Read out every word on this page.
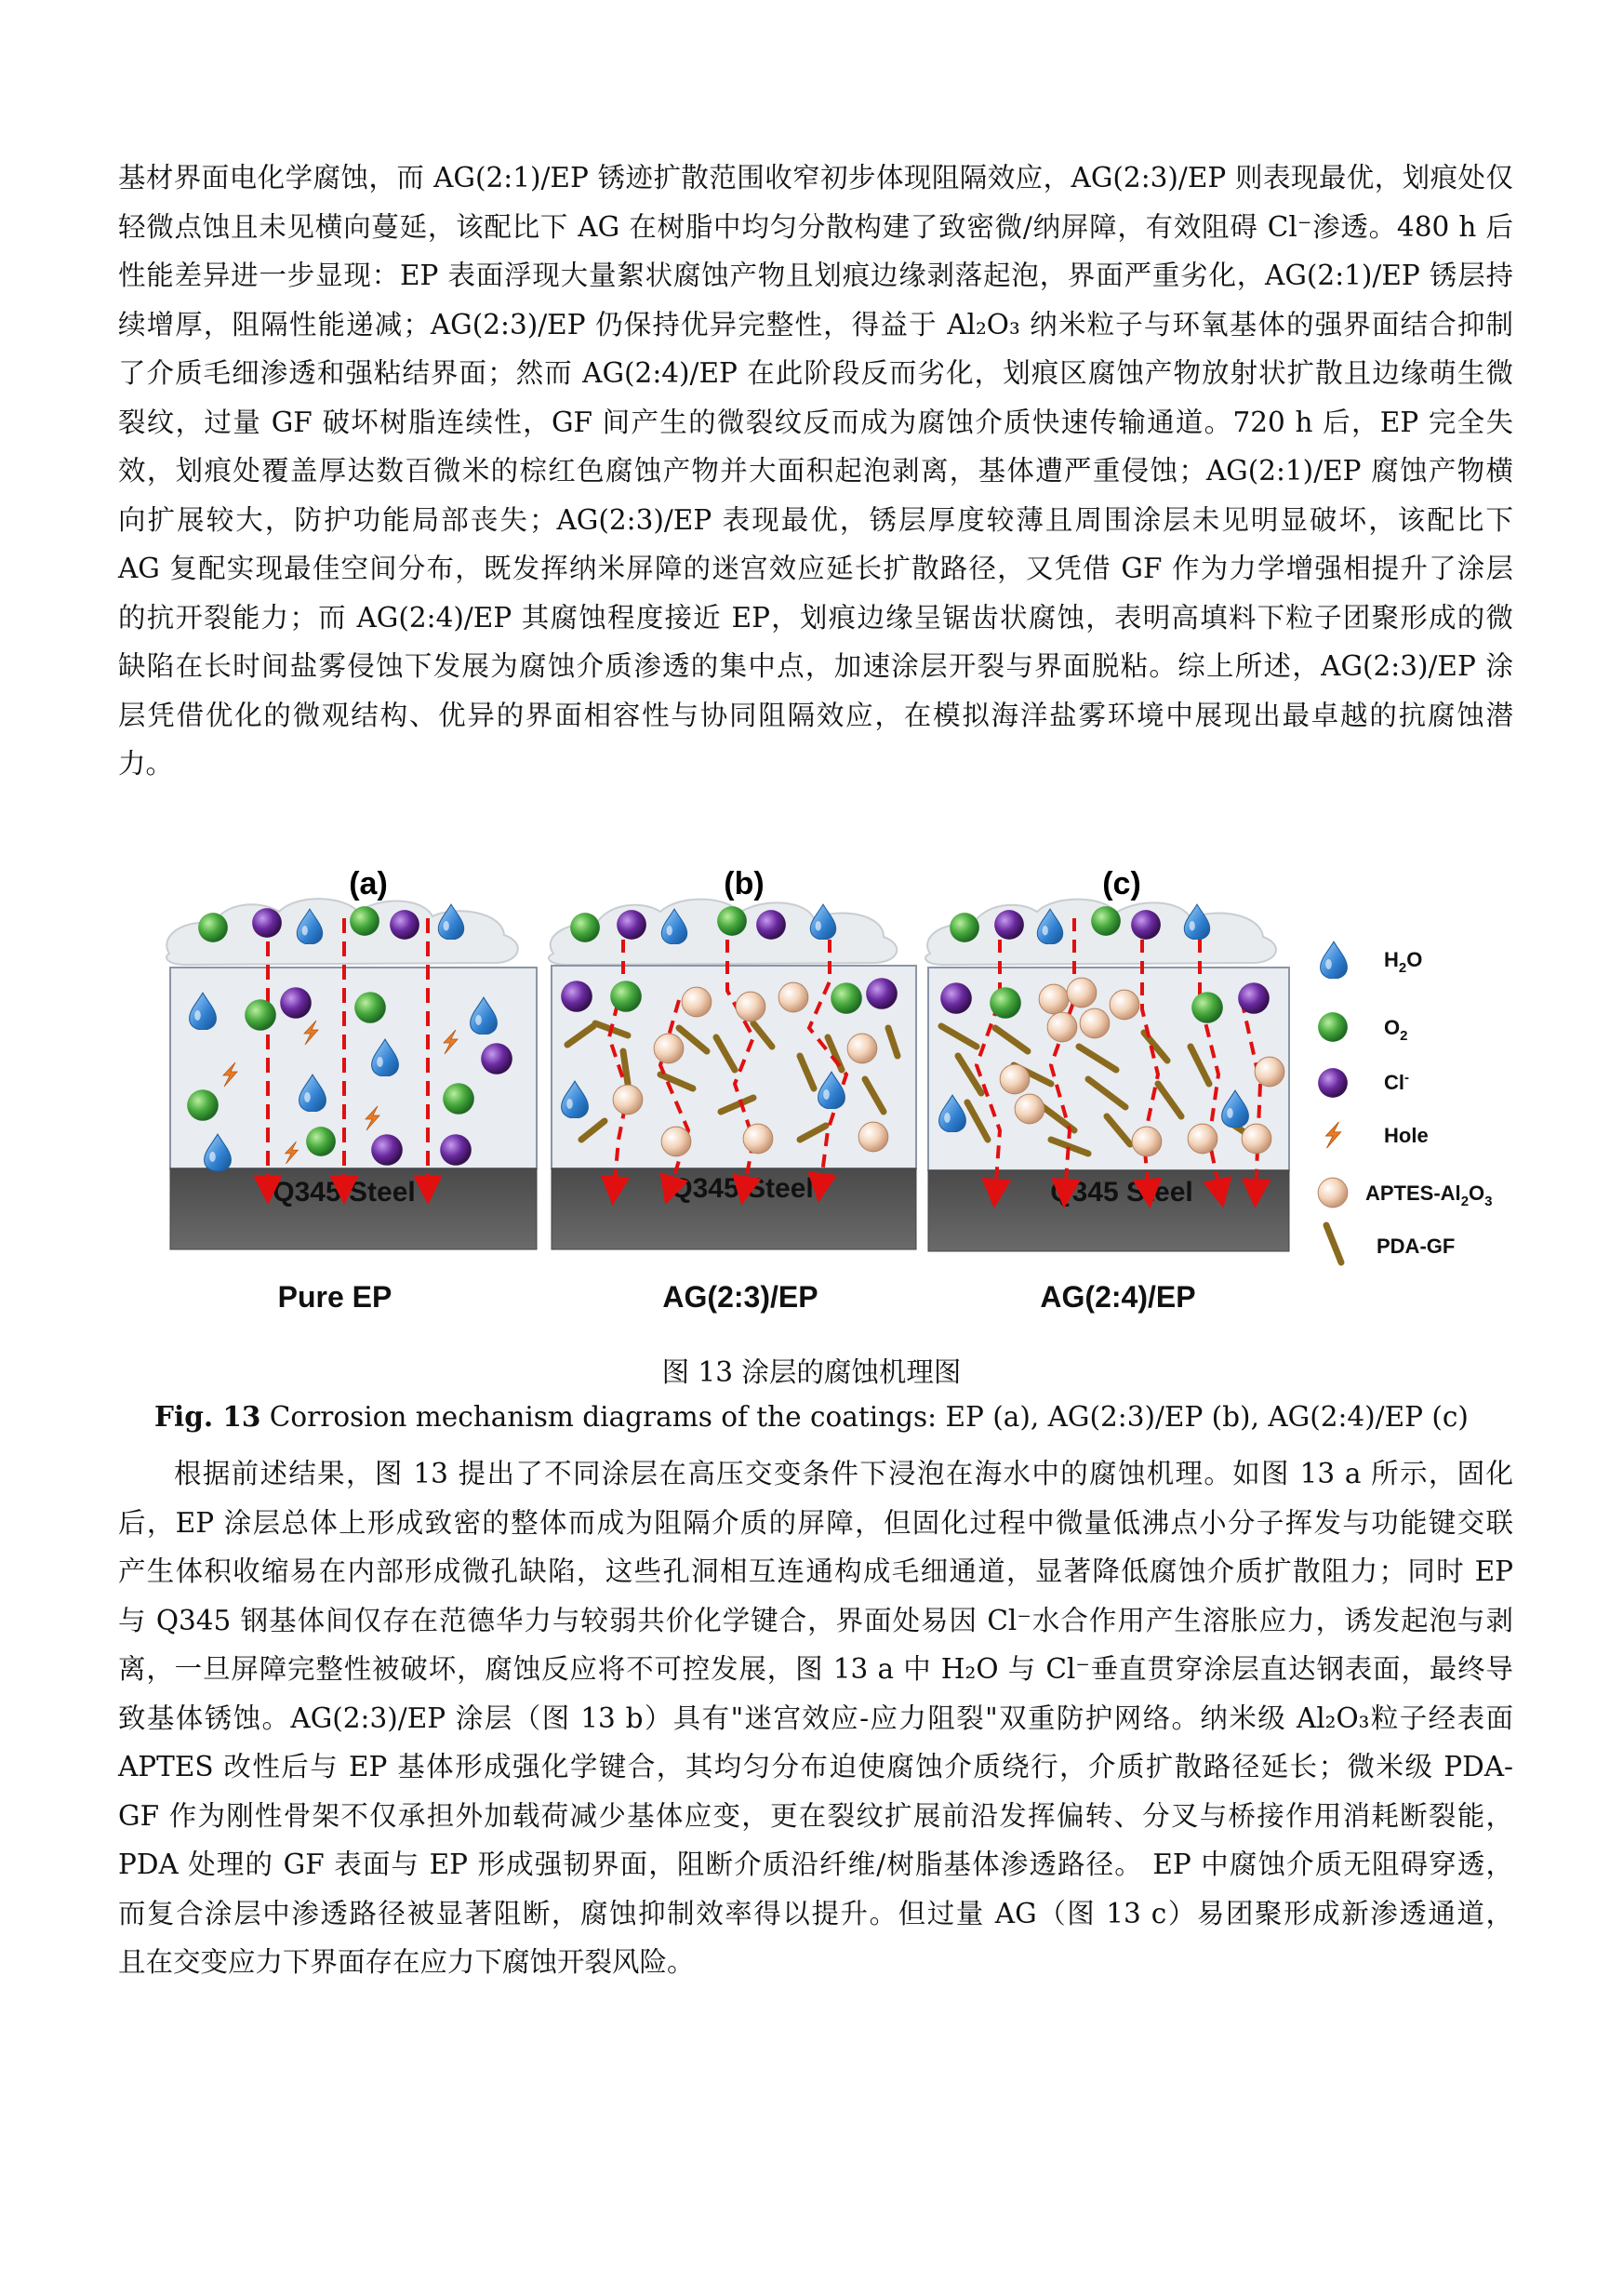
基材界面电化学腐蚀，而 AG(2:1)/EP 锈迹扩散范围收窄初步体现阻隔效应，AG(2:3)/EP 则表现最优，划痕处仅
轻微点蚀且未见横向蔓延，该配比下 AG 在树脂中均匀分散构建了致密微/纳屏障，有效阻碍 Cl⁻渗透。480 h 后
性能差异进一步显现：EP 表面浮现大量絮状腐蚀产物且划痕边缘剥落起泡，界面严重劣化，AG(2:1)/EP 锈层持
续增厚，阻隔性能递减；AG(2:3)/EP 仍保持优异完整性，得益于 Al₂O₃ 纳米粒子与环氧基体的强界面结合抑制
了介质毛细渗透和强粘结界面；然而 AG(2:4)/EP 在此阶段反而劣化，划痕区腐蚀产物放射状扩散且边缘萌生微
裂纹，过量 GF 破坏树脂连续性，GF 间产生的微裂纹反而成为腐蚀介质快速传输通道。720 h 后，EP 完全失
效，划痕处覆盖厚达数百微米的棕红色腐蚀产物并大面积起泡剥离，基体遭严重侵蚀；AG(2:1)/EP 腐蚀产物横
向扩展较大，防护功能局部丧失；AG(2:3)/EP 表现最优，锈层厚度较薄且周围涂层未见明显破坏，该配比下
AG 复配实现最佳空间分布，既发挥纳米屏障的迷宫效应延长扩散路径，又凭借 GF 作为力学增强相提升了涂层
的抗开裂能力；而 AG(2:4)/EP 其腐蚀程度接近 EP，划痕边缘呈锯齿状腐蚀，表明高填料下粒子团聚形成的微
缺陷在长时间盐雾侵蚀下发展为腐蚀介质渗透的集中点，加速涂层开裂与界面脱粘。综上所述，AG(2:3)/EP 涂
层凭借优化的微观结构、优异的界面相容性与协同阻隔效应，在模拟海洋盐雾环境中展现出最卓越的抗腐蚀潜
力。
(a)	(b)	(c)
Q345 Steel
Pure EP
Q345 Steel
AG(2:3)/EP
Q345 Steel
AG(2:4)/EP
$H_2O$
$O_2$
Cl-
Hole
APTES-$Al_2O_3$
PDA-GF
图 13 涂层的腐蚀机理图
Fig. 13 Corrosion mechanism diagrams of the coatings: EP (a), AG(2:3)/EP (b), AG(2:4)/EP (c)
根据前述结果，图 13 提出了不同涂层在高压交变条件下浸泡在海水中的腐蚀机理。如图 13 a 所示，固化
后，EP 涂层总体上形成致密的整体而成为阻隔介质的屏障，但固化过程中微量低沸点小分子挥发与功能键交联
产生体积收缩易在内部形成微孔缺陷，这些孔洞相互连通构成毛细通道，显著降低腐蚀介质扩散阻力；同时 EP
与 Q345 钢基体间仅存在范德华力与较弱共价化学键合，界面处易因 Cl⁻水合作用产生溶胀应力，诱发起泡与剥
离，一旦屏障完整性被破坏，腐蚀反应将不可控发展，图 13 a 中 H₂O 与 Cl⁻垂直贯穿涂层直达钢表面，最终导
致基体锈蚀。AG(2:3)/EP 涂层（图 13 b）具有"迷宫效应-应力阻裂"双重防护网络。纳米级 Al₂O₃粒子经表面
APTES 改性后与 EP 基体形成强化学键合，其均匀分布迫使腐蚀介质绕行，介质扩散路径延长；微米级 PDA-
GF 作为刚性骨架不仅承担外加载荷减少基体应变，更在裂纹扩展前沿发挥偏转、分叉与桥接作用消耗断裂能，
PDA 处理的 GF 表面与 EP 形成强韧界面，阻断介质沿纤维/树脂基体渗透路径。 EP 中腐蚀介质无阻碍穿透，
而复合涂层中渗透路径被显著阻断，腐蚀抑制效率得以提升。但过量 AG（图 13 c）易团聚形成新渗透通道，
且在交变应力下界面存在应力下腐蚀开裂风险。
